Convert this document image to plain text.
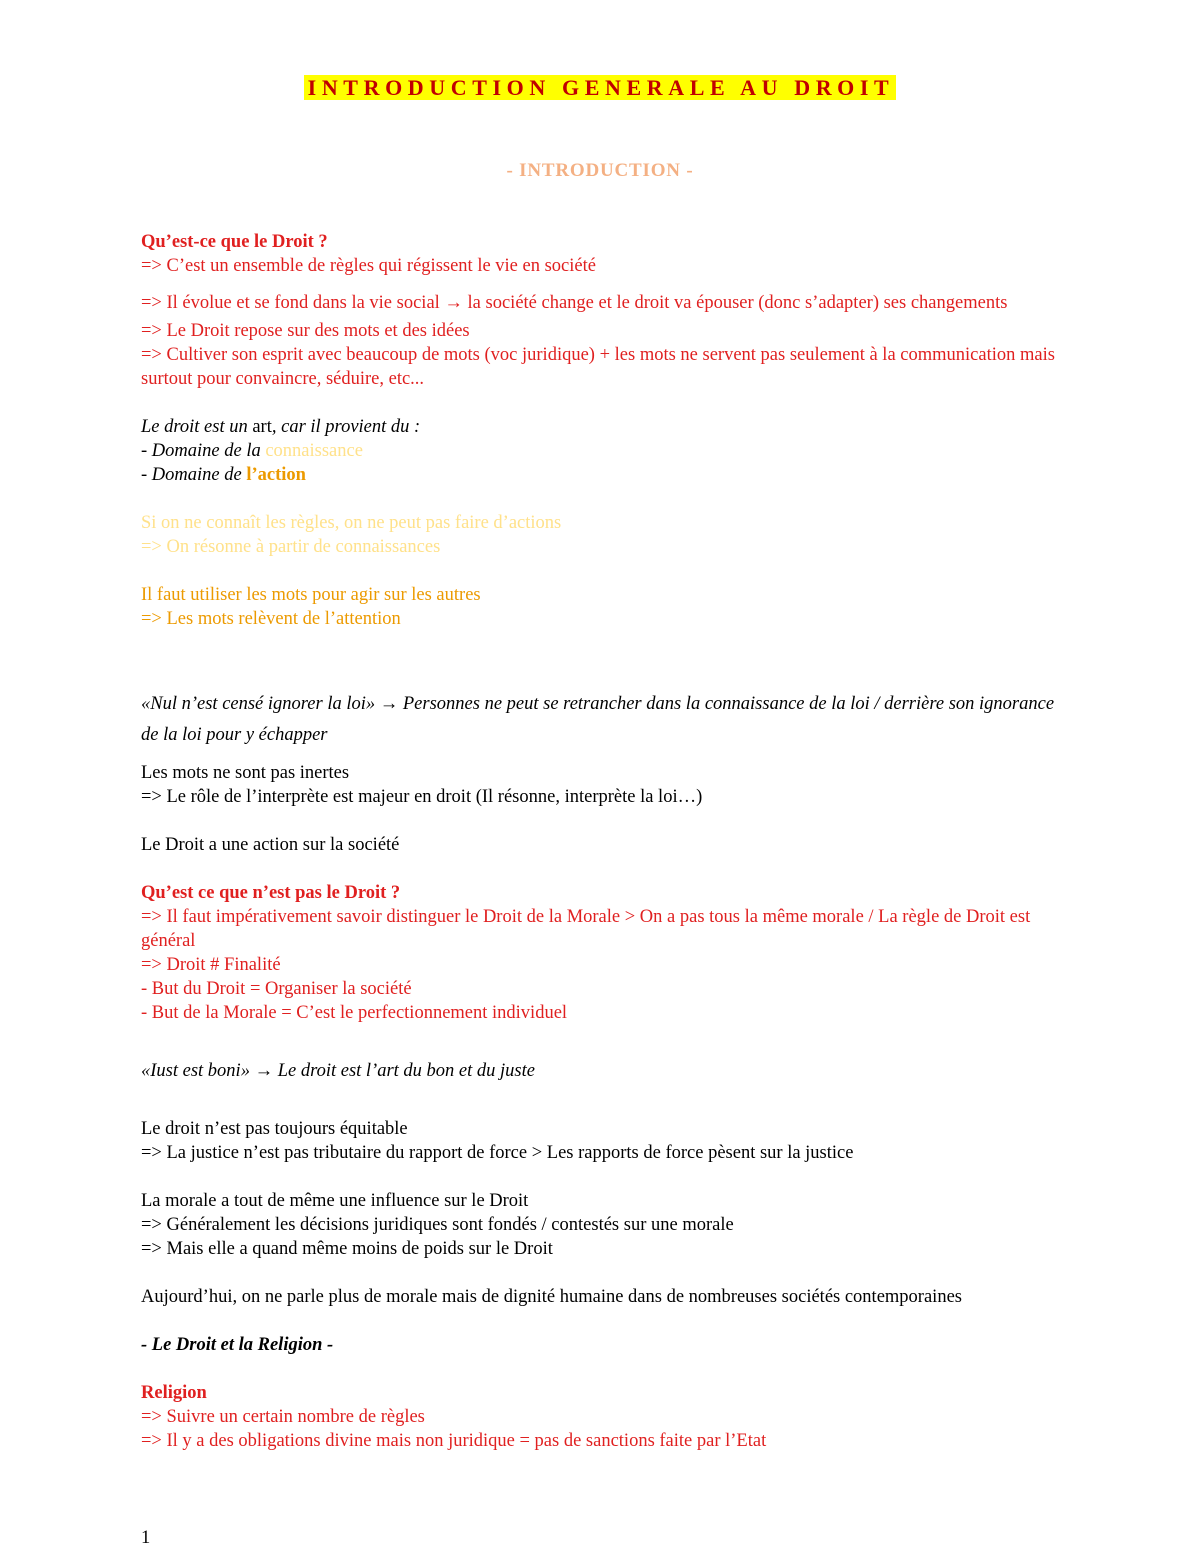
INTRODUCTION GENERALE AU DROIT
- INTRODUCTION -

Qu’est-ce que le Droit ?

=> C’est un ensemble de règles qui régissent le vie en société

=> Il évolue et se fond dans la vie social → la société change et le droit va épouser (donc s’adapter) ses changements

=> Le Droit repose sur des mots et des idées

=> Cultiver son esprit avec beaucoup de mots (voc juridique) + les mots ne servent pas seulement à la communication mais surtout pour convaincre, séduire, etc...

Le droit est un art, car il provient du :

- Domaine de la connaissance

- Domaine de l’action

Si on ne connaît les règles, on ne peut pas faire d’actions

=> On résonne à partir de connaissances

Il faut utiliser les mots pour agir sur les autres

=> Les mots relèvent de l’attention

«Nul n’est censé ignorer la loi» → Personnes ne peut se retrancher dans la connaissance de la loi / derrière son ignorance de la loi pour y échapper

Les mots ne sont pas inertes

=> Le rôle de l’interprète est majeur en droit (Il résonne, interprète la loi…)

Le Droit a une action sur la société

Qu’est ce que n’est pas le Droit ?

=> Il faut impérativement savoir distinguer le Droit de la Morale > On a pas tous la même morale / La règle de Droit est général

=> Droit # Finalité

- But du Droit = Organiser la société

- But de la Morale = C’est le perfectionnement individuel

«Iust est boni» → Le droit est l’art du bon et du juste

Le droit n’est pas toujours équitable

=> La justice n’est pas tributaire du rapport de force > Les rapports de force pèsent sur la justice

La morale a tout de même une influence sur le Droit

=> Généralement les décisions juridiques sont fondés / contestés sur une morale

=> Mais elle a quand même moins de poids sur le Droit

Aujourd’hui, on ne parle plus de morale mais de dignité humaine dans de nombreuses sociétés contemporaines

- Le Droit et la Religion -

Religion

=> Suivre un certain nombre de règles

=> Il y a des obligations divine mais non juridique = pas de sanctions faite par l’Etat

1
